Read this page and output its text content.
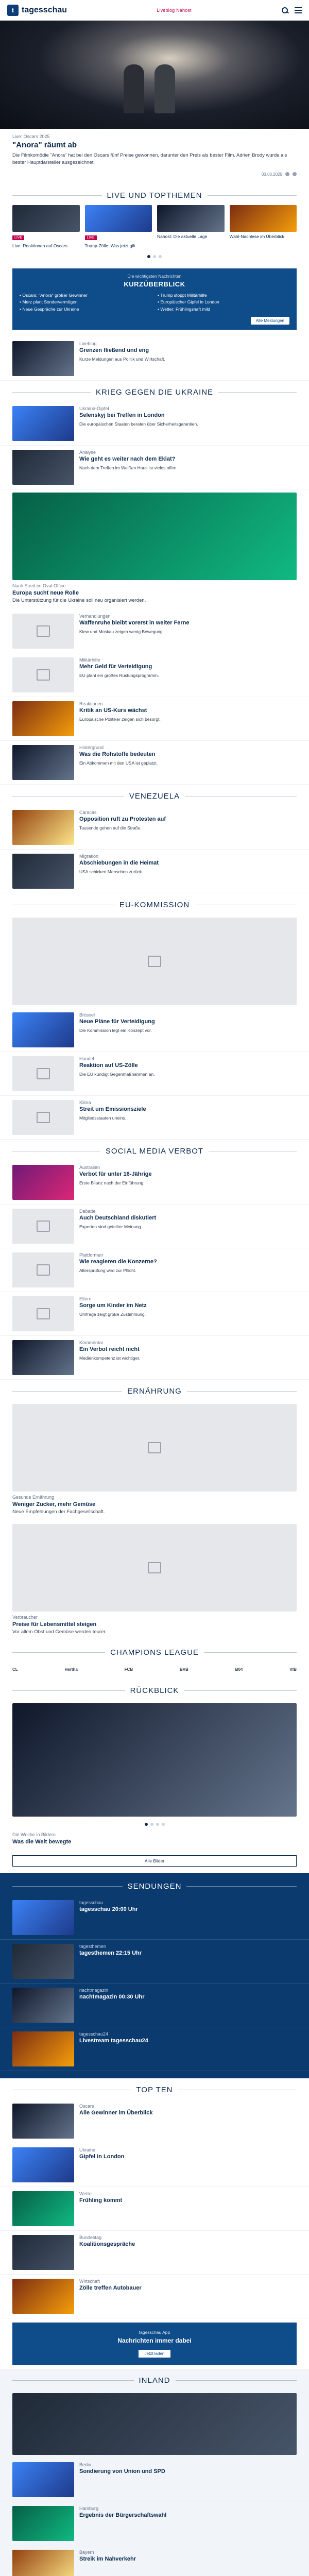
t tagesschau	Liveblog Nahost
Live: Oscars 2025
"Anora" räumt ab
Die Filmkomödie "Anora" hat bei den Oscars fünf Preise gewonnen, darunter den Preis als bester Film. Adrien Brody wurde als bester Hauptdarsteller ausgezeichnet.
03.03.2025
LIVE UND TOPTHEMEN
LIVE
Live: Reaktionen auf Oscars
LIVE
Trump-Zölle: Was jetzt gilt
Nahost: Die aktuelle Lage	Wahl-Nachlese im Überblick
Die wichtigsten Nachrichten
KURZÜBERBLICK
• Oscars: "Anora" großer Gewinner
• Merz plant Sondervermögen
• Neue Gespräche zur Ukraine
• Trump stoppt Militärhilfe
• Europäischer Gipfel in London
• Wetter: Frühlingshaft mild
Alle Meldungen
Liveblog
Grenzen fließend und eng
Kurze Meldungen aus Politik und Wirtschaft.
KRIEG GEGEN DIE UKRAINE
Ukraine-Gipfel
Selenskyj bei Treffen in London
Die europäischen Staaten beraten über Sicherheitsgarantien.
Analyse
Wie geht es weiter nach dem Eklat?
Nach dem Treffen im Weißen Haus ist vieles offen.
Nach Streit im Oval Office
Europa sucht neue Rolle
Die Unterstützung für die Ukraine soll neu organisiert werden.
Verhandlungen
Waffenruhe bleibt vorerst in weiter Ferne
Kiew und Moskau zeigen wenig Bewegung.
Militärhilfe
Mehr Geld für Verteidigung
EU plant ein großes Rüstungsprogramm.
Reaktionen
Kritik an US-Kurs wächst
Europäische Politiker zeigen sich besorgt.
Hintergrund
Was die Rohstoffe bedeuten
Ein Abkommen mit den USA ist geplatzt.
VENEZUELA
Caracas
Opposition ruft zu Protesten auf
Tausende gehen auf die Straße.
Migration
Abschiebungen in die Heimat
USA schicken Menschen zurück.
EU-KOMMISSION
Brüssel
Neue Pläne für Verteidigung
Die Kommission legt ein Konzept vor.
Handel
Reaktion auf US-Zölle
Die EU kündigt Gegenmaßnahmen an.
Klima
Streit um Emissionsziele
Mitgliedsstaaten uneins.
SOCIAL MEDIA VERBOT
Australien
Verbot für unter 16-Jährige
Erste Bilanz nach der Einführung.
Debatte
Auch Deutschland diskutiert
Experten sind geteilter Meinung.
Plattformen
Wie reagieren die Konzerne?
Altersprüfung wird zur Pflicht.
Eltern
Sorge um Kinder im Netz
Umfrage zeigt große Zustimmung.
Kommentar
Ein Verbot reicht nicht
Medienkompetenz ist wichtiger.
ERNÄHRUNG
Gesunde Ernährung
Weniger Zucker, mehr Gemüse
Neue Empfehlungen der Fachgesellschaft.
Verbraucher
Preise für Lebensmittel steigen
Vor allem Obst und Gemüse werden teurer.
CHAMPIONS LEAGUE
CL	Hertha	FCB	BVB	B04	VfB
RÜCKBLICK
Die Woche in Bildern
Was die Welt bewegte
Alle Bilder
SENDUNGEN
tagesschau
tagesschau 20:00 Uhr
tagesthemen
tagesthemen 22:15 Uhr
nachtmagazin
nachtmagazin 00:30 Uhr
tagesschau24
Livestream tagesschau24
TOP TEN
Oscars
Alle Gewinner im Überblick
Ukraine
Gipfel in London
Wetter
Frühling kommt
Bundestag
Koalitionsgespräche
Wirtschaft
Zölle treffen Autobauer
tagesschau App
Nachrichten immer dabei
Jetzt laden
INLAND
Berlin
Sondierung von Union und SPD
Hamburg
Ergebnis der Bürgerschaftswahl
Bayern
Streik im Nahverkehr
